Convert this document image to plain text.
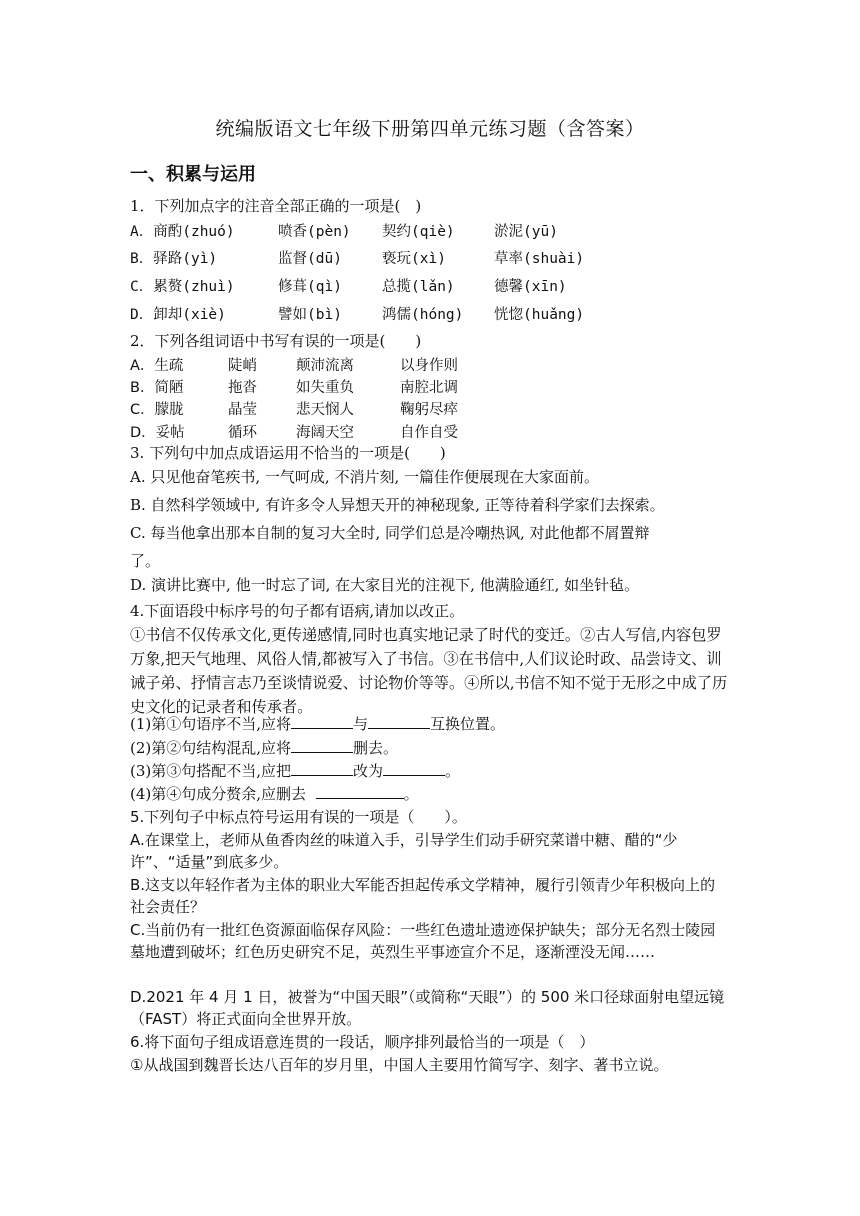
统编版语文七年级下册第四单元练习题（含答案）
一、积累与运用
1．下列加点字的注音全部正确的一项是(　)
A．商酌(zhuó)	喷香(pèn) 契约(qiè)	淤泥(yū)
B．驿路(yì)	监督(dū)	亵玩(xì)	草率(shuài)
C．累赘(zhuì)	修葺(qì)	总揽(lǎn)	德馨(xīn)
D．卸却(xiè)	譬如(bì)	鸿儒(hóng) 恍惚(huǎng)
2．下列各组词语中书写有误的一项是(　　)
A．生疏	陡峭	颠沛流离	以身作则
B．简陋	拖沓	如失重负	南腔北调
C．朦胧	晶莹	悲天悯人	鞠躬尽瘁
D．妥帖	循环	海阔天空	自作自受
3. 下列句中加点成语运用不恰当的一项是(　　)
A. 只见他奋笔疾书, 一气呵成, 不消片刻, 一篇佳作便展现在大家面前。
B. 自然科学领域中, 有许多令人异想天开的神秘现象, 正等待着科学家们去探索。
C. 每当他拿出那本自制的复习大全时, 同学们总是冷嘲热讽, 对此他都不屑置辩
了。
D. 演讲比赛中, 他一时忘了词, 在大家目光的注视下, 他满脸通红, 如坐针毡。
4.下面语段中标序号的句子都有语病,请加以改正。
①书信不仅传承文化,更传递感情,同时也真实地记录了时代的变迁。②古人写信,内容包罗万象,把天气地理、风俗人情,都被写入了书信。③在书信中,人们议论时政、品尝诗文、训诫子弟、抒情言志乃至谈情说爱、讨论物价等等。④所以,书信不知不觉于无形之中成了历史文化的记录者和传承者。
(1)第①句语序不当,应将	与	互换位置。
(2)第②句结构混乱,应将	删去。
(3)第③句搭配不当,应把	改为	。
(4)第④句成分赘余,应删去	。
5.下列句子中标点符号运用有误的一项是（　　）。
A.在课堂上，老师从鱼香肉丝的味道入手，引导学生们动手研究菜谱中糖、醋的“少许”、“适量”到底多少。
B.这支以年轻作者为主体的职业大军能否担起传承文学精神，履行引领青少年积极向上的社会责任？
C.当前仍有一批红色资源面临保存风险：一些红色遗址遗迹保护缺失；部分无名烈士陵园墓地遭到破坏；红色历史研究不足，英烈生平事迹宣介不足，逐渐湮没无闻……
D.2021 年 4 月 1 日，被誉为“中国天眼”（或简称“天眼”）的 500 米口径球面射电望远镜（FAST）将正式面向全世界开放。
6.将下面句子组成语意连贯的一段话，顺序排列最恰当的一项是（　）
①从战国到魏晋长达八百年的岁月里，中国人主要用竹简写字、刻字、著书立说。
